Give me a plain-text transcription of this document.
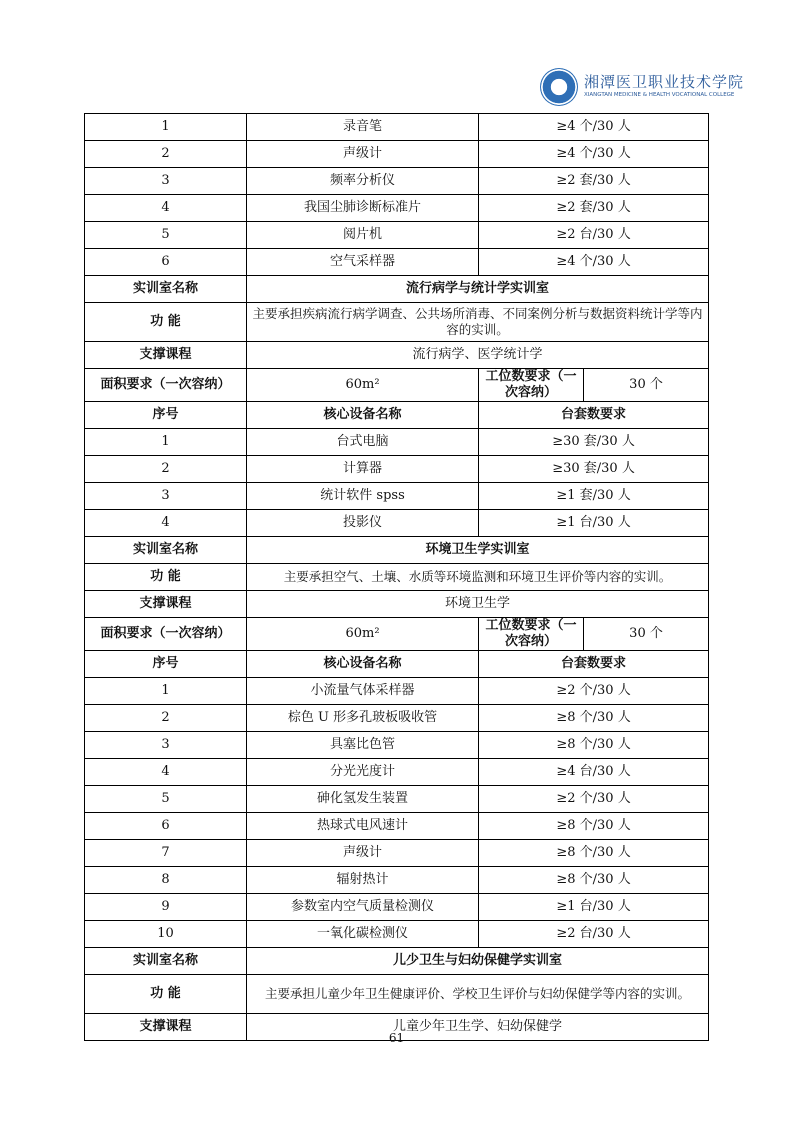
湘潭医卫职业技术学院
XIANGTAN MEDICINE & HEALTH VOCATIONAL COLLEGE
1	录音笔	≥4 个/30 人	
2	声级计	≥4 个/30 人	
3	频率分析仪	≥2 套/30 人	
4	我国尘肺诊断标准片	≥2 套/30 人	
5	阅片机	≥2 台/30 人	
6	空气采样器	≥4 个/30 人	
实训室名称	流行病学与统计学实训室		
功 能	主要承担疾病流行病学调查、公共场所消毒、不同案例分析与数据资料统计学等内容的实训。		
支撑课程	流行病学、医学统计学		
面积要求（一次容纳）	60m²	工位数要求（一次容纳）	30 个
序号	核心设备名称	台套数要求	
1	台式电脑	≥30 套/30 人	
2	计算器	≥30 套/30 人	
3	统计软件 spss	≥1 套/30 人	
4	投影仪	≥1 台/30 人	
实训室名称	环境卫生学实训室		
功 能	主要承担空气、土壤、水质等环境监测和环境卫生评价等内容的实训。		
支撑课程	环境卫生学		
面积要求（一次容纳）	60m²	工位数要求（一次容纳）	30 个
序号	核心设备名称	台套数要求	
1	小流量气体采样器	≥2 个/30 人	
2	棕色 U 形多孔玻板吸收管	≥8 个/30 人	
3	具塞比色管	≥8 个/30 人	
4	分光光度计	≥4 台/30 人	
5	砷化氢发生装置	≥2 个/30 人	
6	热球式电风速计	≥8 个/30 人	
7	声级计	≥8 个/30 人	
8	辐射热计	≥8 个/30 人	
9	参数室内空气质量检测仪	≥1 台/30 人	
10	一氧化碳检测仪	≥2 台/30 人	
实训室名称	儿少卫生与妇幼保健学实训室		
功 能	主要承担儿童少年卫生健康评价、学校卫生评价与妇幼保健学等内容的实训。		
支撑课程	儿童少年卫生学、妇幼保健学		
61
